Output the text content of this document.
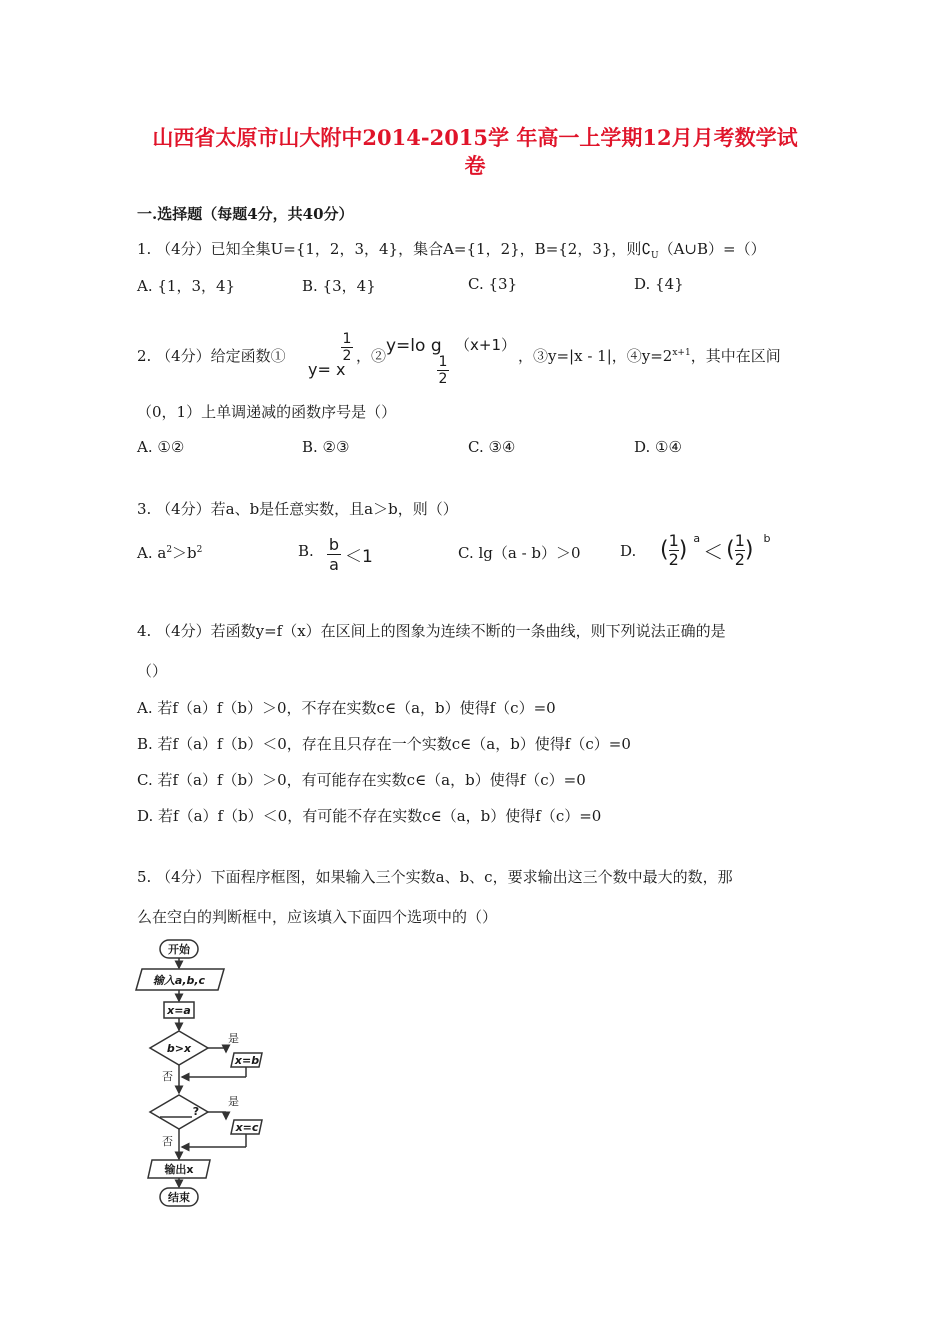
山西省太原市山大附中2014-2015学 年高一上学期12月月考数学试
卷
一.选择题（每题4分，共40分）
1. （4分）已知全集U={1，2，3，4}，集合A={1，2}，B={2，3}，则$∁_U(A\cup B)=()$
A. {1，3，4}	B. {3，4}	C. {3}	D. {4}
2. （4分）给定函数①
y= x
$\frac{1}{2}$ ，② y=lo g
$\frac{1}{2}$
（x+1）
，③y=|x - 1|，$④y=2^{x+1}$，其中在区间
（0，1）上单调递减的函数序号是（）
A. ①②	B. ②③	C. ③④	D. ①④
3. （4分）若a、b是任意实数，且a＞b，则（）
A. $a^2>b^2$	B. $\frac{b}{a} <1$	C. lg（a - b）＞0	D. ( $\frac{1}{2}$ ) $^a$＜ ( $\frac{1}{2}$ ) $^b$
4. （4分）若函数y=f（x）在区间上的图象为连续不断的一条曲线，则下列说法正确的是
（）
A. 若f（a）f（b）＞0，不存在实数c∈（a，b）使得f（c）=0
B. 若f（a）f（b）＜0，存在且只存在一个实数c∈（a，b）使得f（c）=0
C. 若f（a）f（b）＞0，有可能存在实数c∈（a，b）使得f（c）=0
D. 若f（a）f（b）＜0，有可能不存在实数c∈（a，b）使得f（c）=0
5. （4分）下面程序框图，如果输入三个实数a、b、c，要求输出这三个数中最大的数，那
么在空白的判断框中，应该填入下面四个选项中的（）
开始
输入a,b,c
x=a
b>x
是
x=b
否
?
是
x=c
否
输出x
结束
